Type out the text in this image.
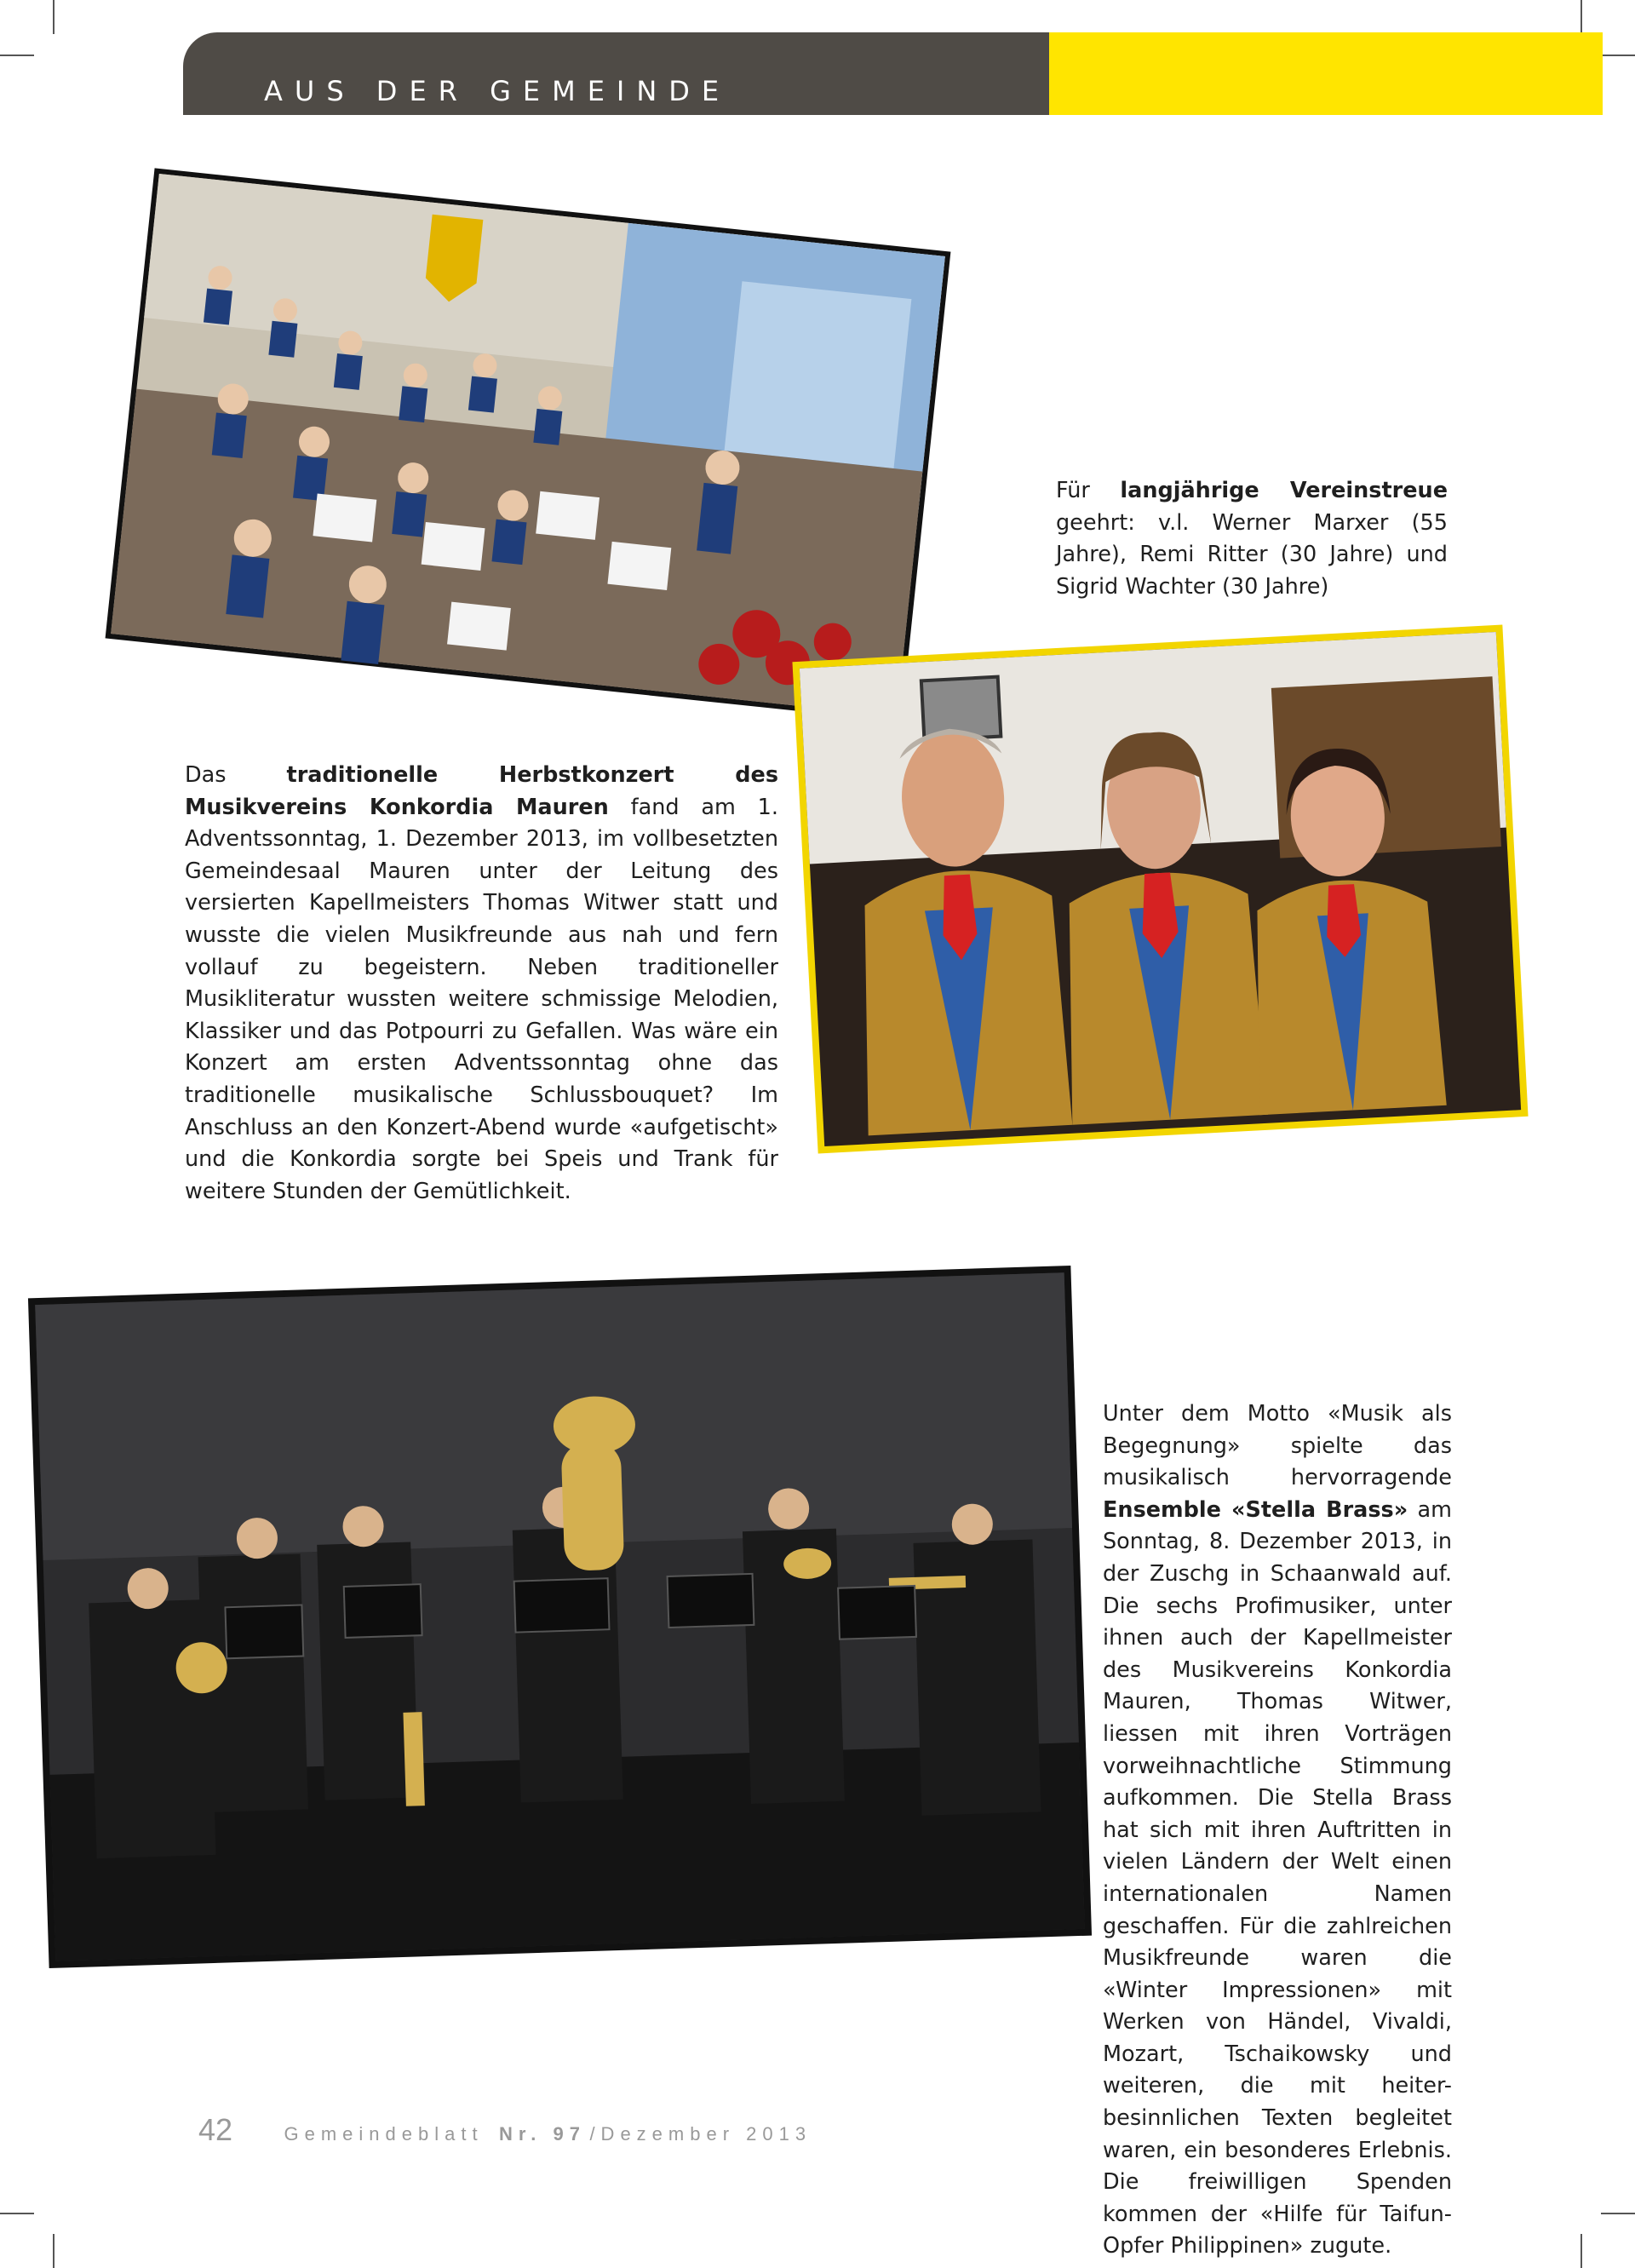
AUS DER GEMEINDE
Für langjährige Vereinstreue geehrt: v.l. Werner Marxer (55 Jahre), Remi Ritter (30 Jahre) und Sigrid Wachter (30 Jahre)
Das traditionelle Herbstkonzert des Musikvereins Konkordia Mauren fand am 1. Adventssonntag, 1. Dezember 2013, im vollbesetzten Gemeindesaal Mauren unter der Leitung des versierten Kapellmeisters Thomas Witwer statt und wusste die vielen Musikfreunde aus nah und fern vollauf zu begeistern. Neben traditioneller Musikliteratur wussten weitere schmissige Melodien, Klassiker und das Potpourri zu Gefallen. Was wäre ein Konzert am ersten Adventssonntag ohne das traditionelle musikalische Schlussbouquet? Im Anschluss an den Konzert-Abend wurde «aufgetischt» und die Konkordia sorgte bei Speis und Trank für weitere Stunden der Gemütlichkeit.
Unter dem Motto «Musik als Begegnung» spielte das musikalisch hervorragende Ensemble «Stella Brass» am Sonntag, 8. Dezember 2013, in der Zuschg in Schaanwald auf. Die sechs Profimusiker, unter ihnen auch der Kapellmeister des Musikvereins Konkordia Mauren, Thomas Witwer, liessen mit ihren Vorträgen vorweihnachtliche Stimmung aufkommen. Die Stella Brass hat sich mit ihren Auftritten in vielen Ländern der Welt einen internationalen Namen geschaffen. Für die zahlreichen Musikfreunde waren die «Winter Impressionen» mit Werken von Händel, Vivaldi, Mozart, Tschaikowsky und weiteren, die mit heiter-besinnlichen Texten begleitet waren, ein besonderes Erlebnis. Die freiwilligen Spenden kommen der «Hilfe für Taifun-Opfer Philippinen» zugute.
42	Gemeindeblatt Nr. 97 /Dezember 2013
